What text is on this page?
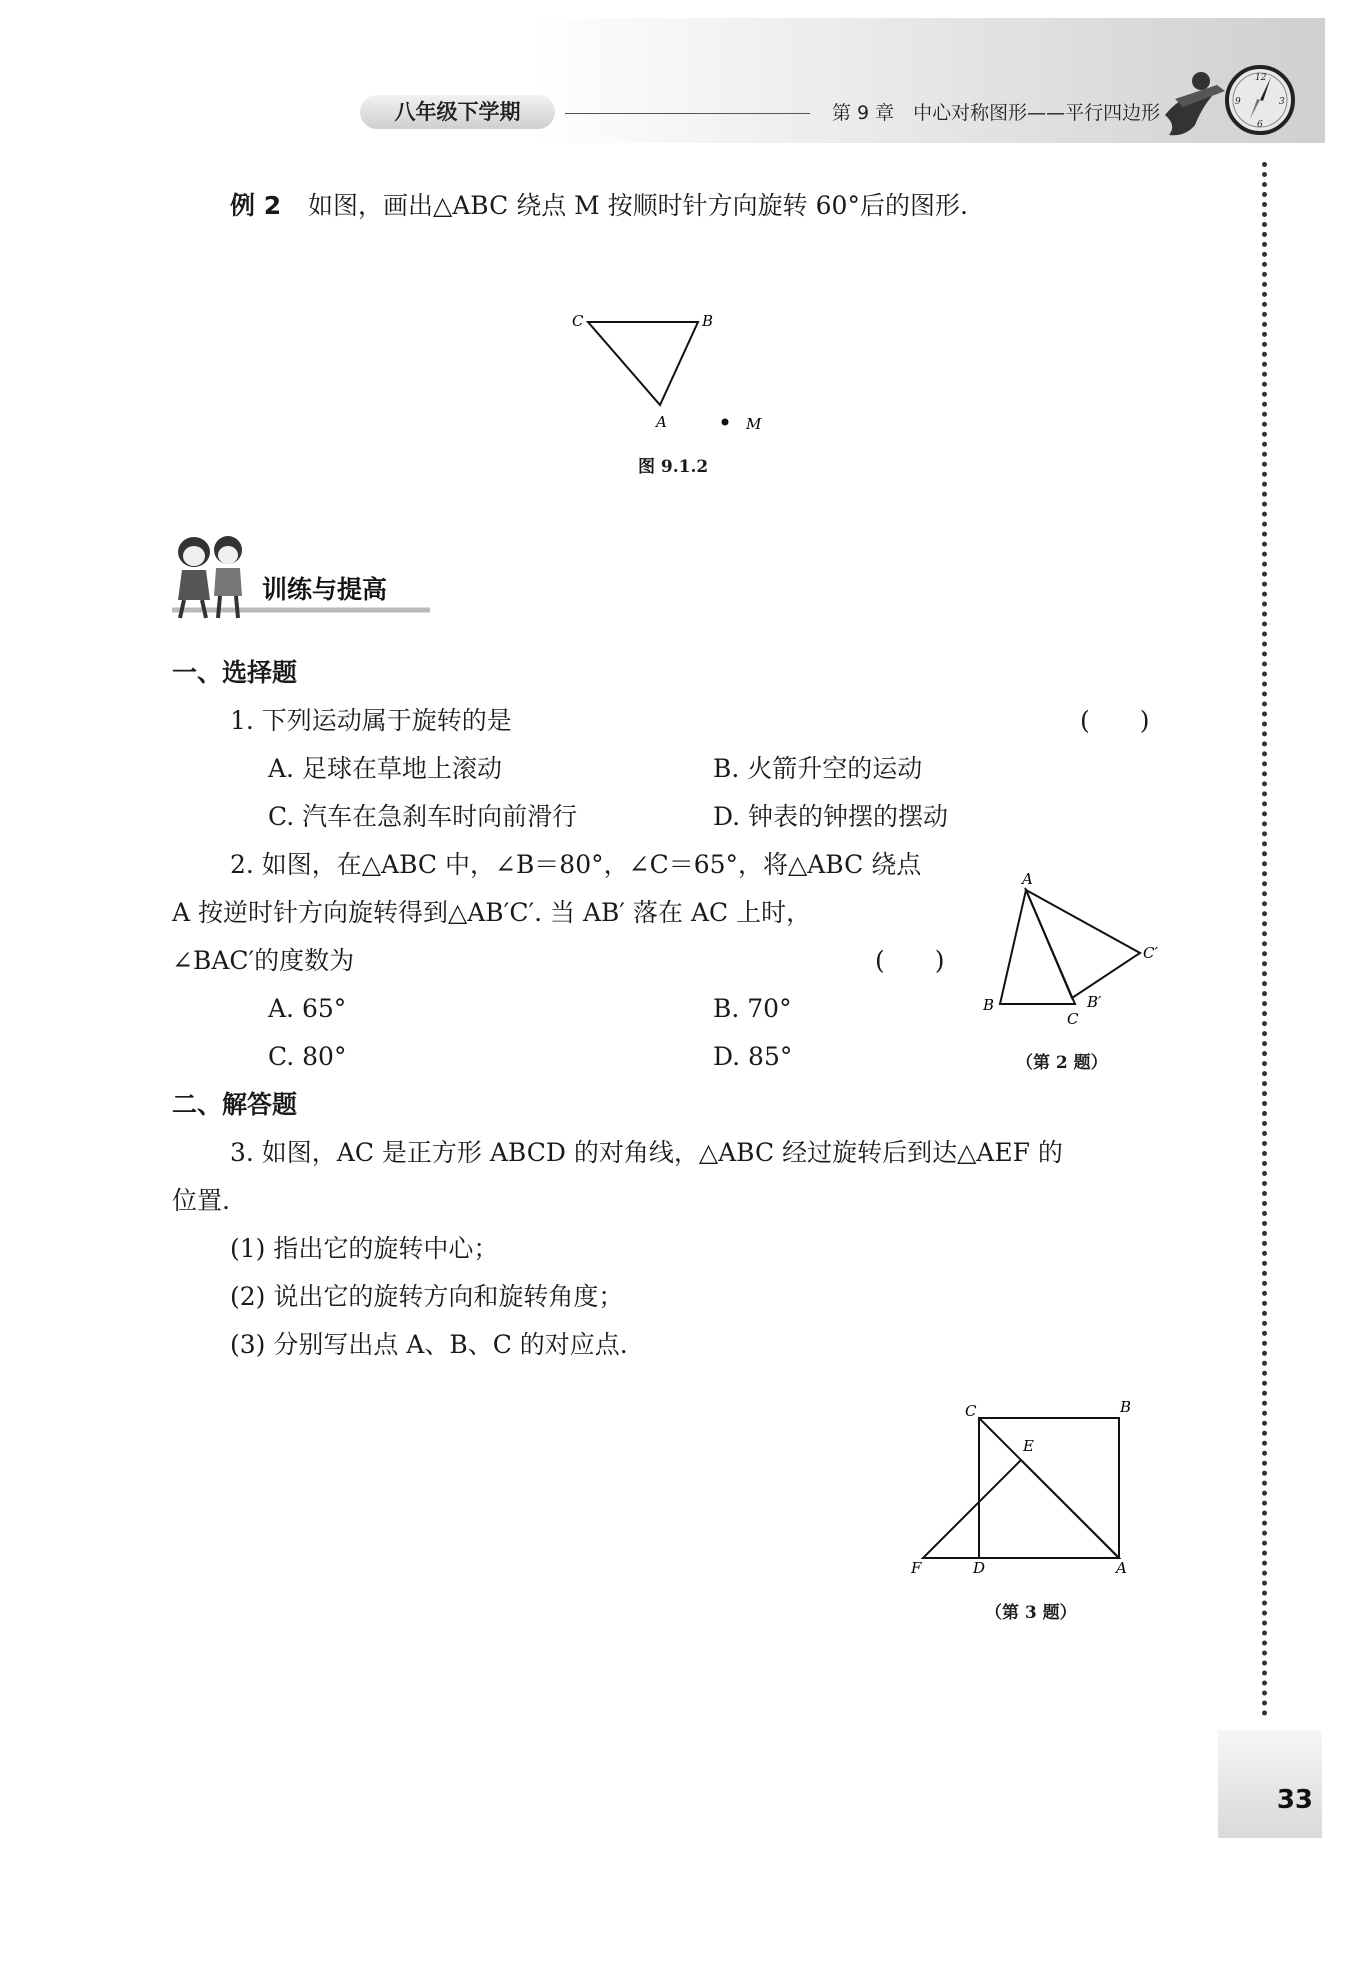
八年级下学期	第 9 章　中心对称图形——平行四边形
12
3
6
9
例 2 如图，画出△ABC 绕点 M 按顺时针方向旋转 60°后的图形.
C	B
A	M
图 9.1.2
训练与提高
一、选择题
1. 下列运动属于旋转的是	(　　)
A. 足球在草地上滚动	B. 火箭升空的运动
C. 汽车在急刹车时向前滑行	D. 钟表的钟摆的摆动
2. 如图，在△ABC 中，∠B＝80°，∠C＝65°，将△ABC 绕点
A 按逆时针方向旋转得到△AB′C′. 当 AB′ 落在 AC 上时，
∠BAC′的度数为	(　　)
A. 65°	B. 70°
C. 80°	D. 85°
A
B
C
B′
C′
（第 2 题）
二、解答题
3. 如图，AC 是正方形 ABCD 的对角线，△ABC 经过旋转后到达△AEF 的
位置.
(1) 指出它的旋转中心；
(2) 说出它的旋转方向和旋转角度；
(3) 分别写出点 A、B、C 的对应点.
C	B
E
F	D	A
（第 3 题）
33
